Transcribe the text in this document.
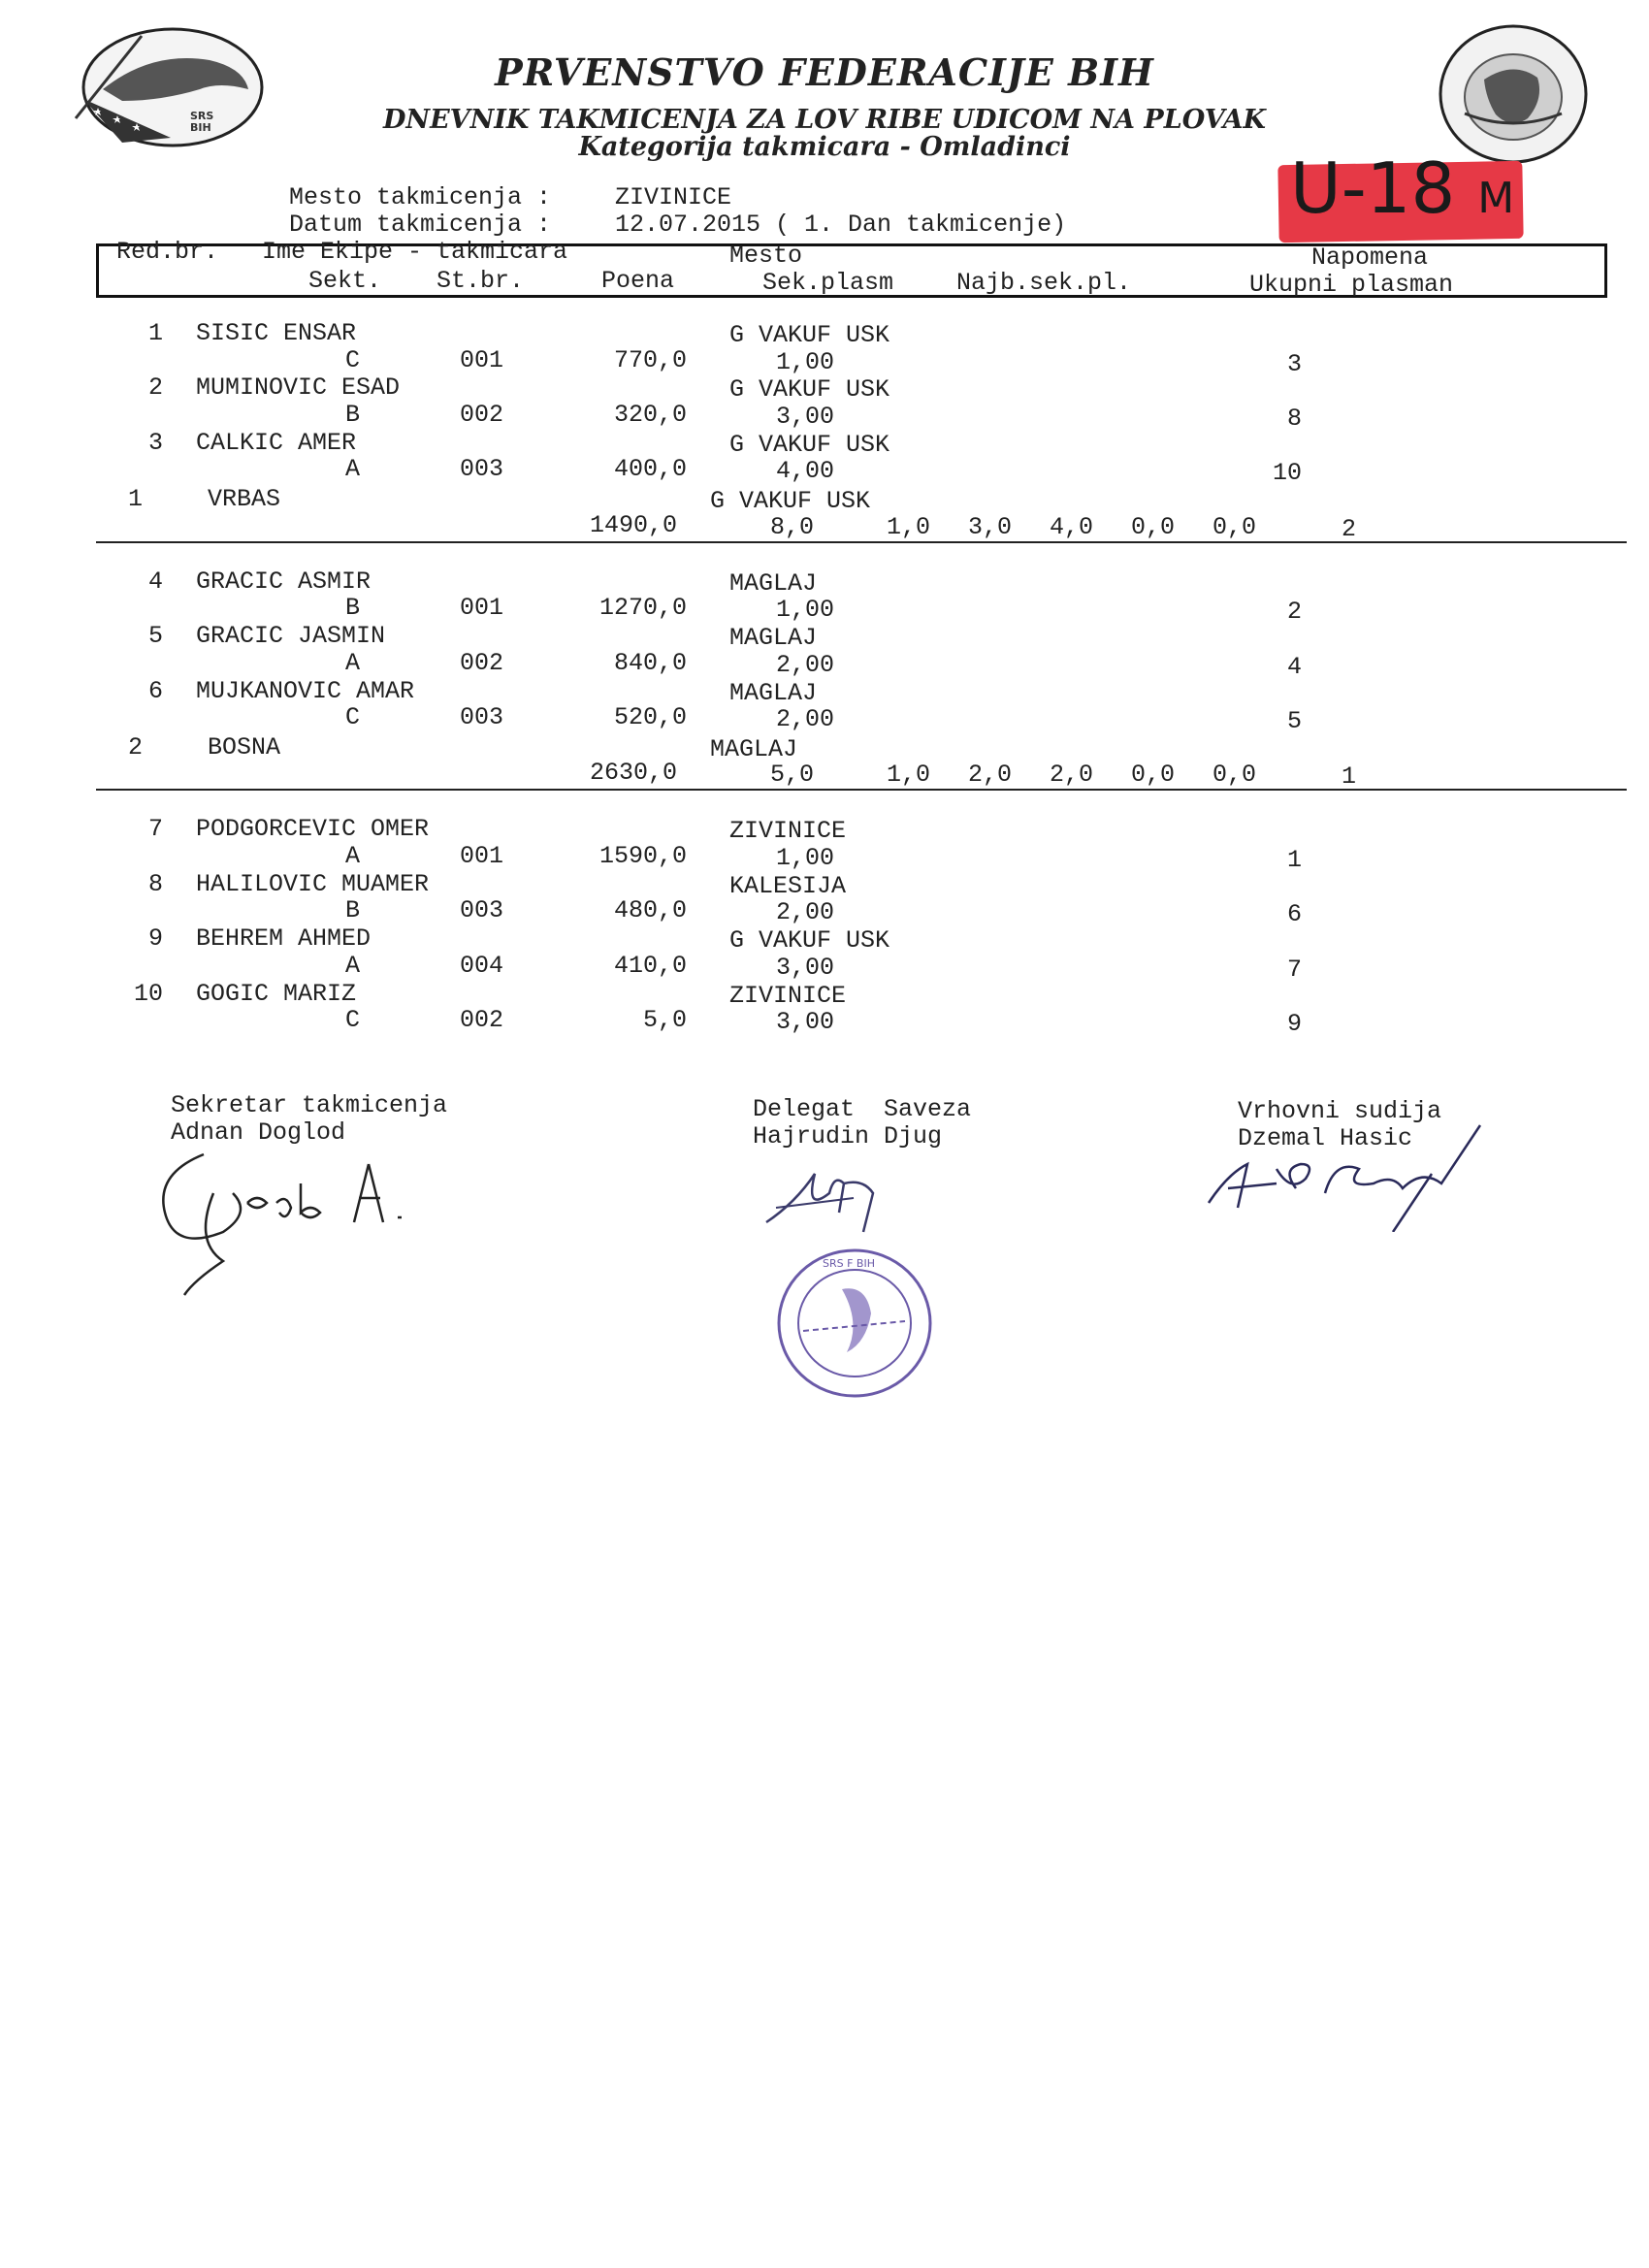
SRS BIH
PRVENSTVO FEDERACIJE BIH
DNEVNIK TAKMICENJA ZA LOV RIBE UDICOM NA PLOVAK
Kategorija takmicara - Omladinci
U-18 M
Mesto takmicenja :	ZIVINICE
Datum takmicenja :	12.07.2015 ( 1. Dan takmicenje)
Red.br. Ime Ekipe - takmicara	Mesto	Napomena
Sekt. St.br.	Poena	Sek.plasm	Najb.sek.pl.	Ukupni plasman
1 SISIC ENSAR	G VAKUF USK
C	001	770,0	1,00	3
2 MUMINOVIC ESAD	G VAKUF USK
B	002	320,0	3,00	8
3 CALKIC AMER	G VAKUF USK
A	003	400,0	4,00	10
1	VRBAS	G VAKUF USK
1490,0	8,0	1,0 3,0 4,0 0,0 0,0	2
4 GRACIC ASMIR	MAGLAJ
B	001	1270,0	1,00	2
5 GRACIC JASMIN	MAGLAJ
A	002	840,0	2,00	4
6 MUJKANOVIC AMAR	MAGLAJ
C	003	520,0	2,00	5
2	BOSNA	MAGLAJ
2630,0	5,0	1,0 2,0 2,0 0,0 0,0	1
7 PODGORCEVIC OMER	ZIVINICE
A	001	1590,0	1,00	1
8 HALILOVIC MUAMER	KALESIJA
B	003	480,0	2,00	6
9 BEHREM AHMED	G VAKUF USK
A	004	410,0	3,00	7
10 GOGIC MARIZ	ZIVINICE
C	002	5,0	3,00	9
Sekretar takmicenja
Adnan Doglod
Delegat  Saveza
Hajrudin Djug
Vrhovni sudija
Dzemal Hasic
SRS F BIH
